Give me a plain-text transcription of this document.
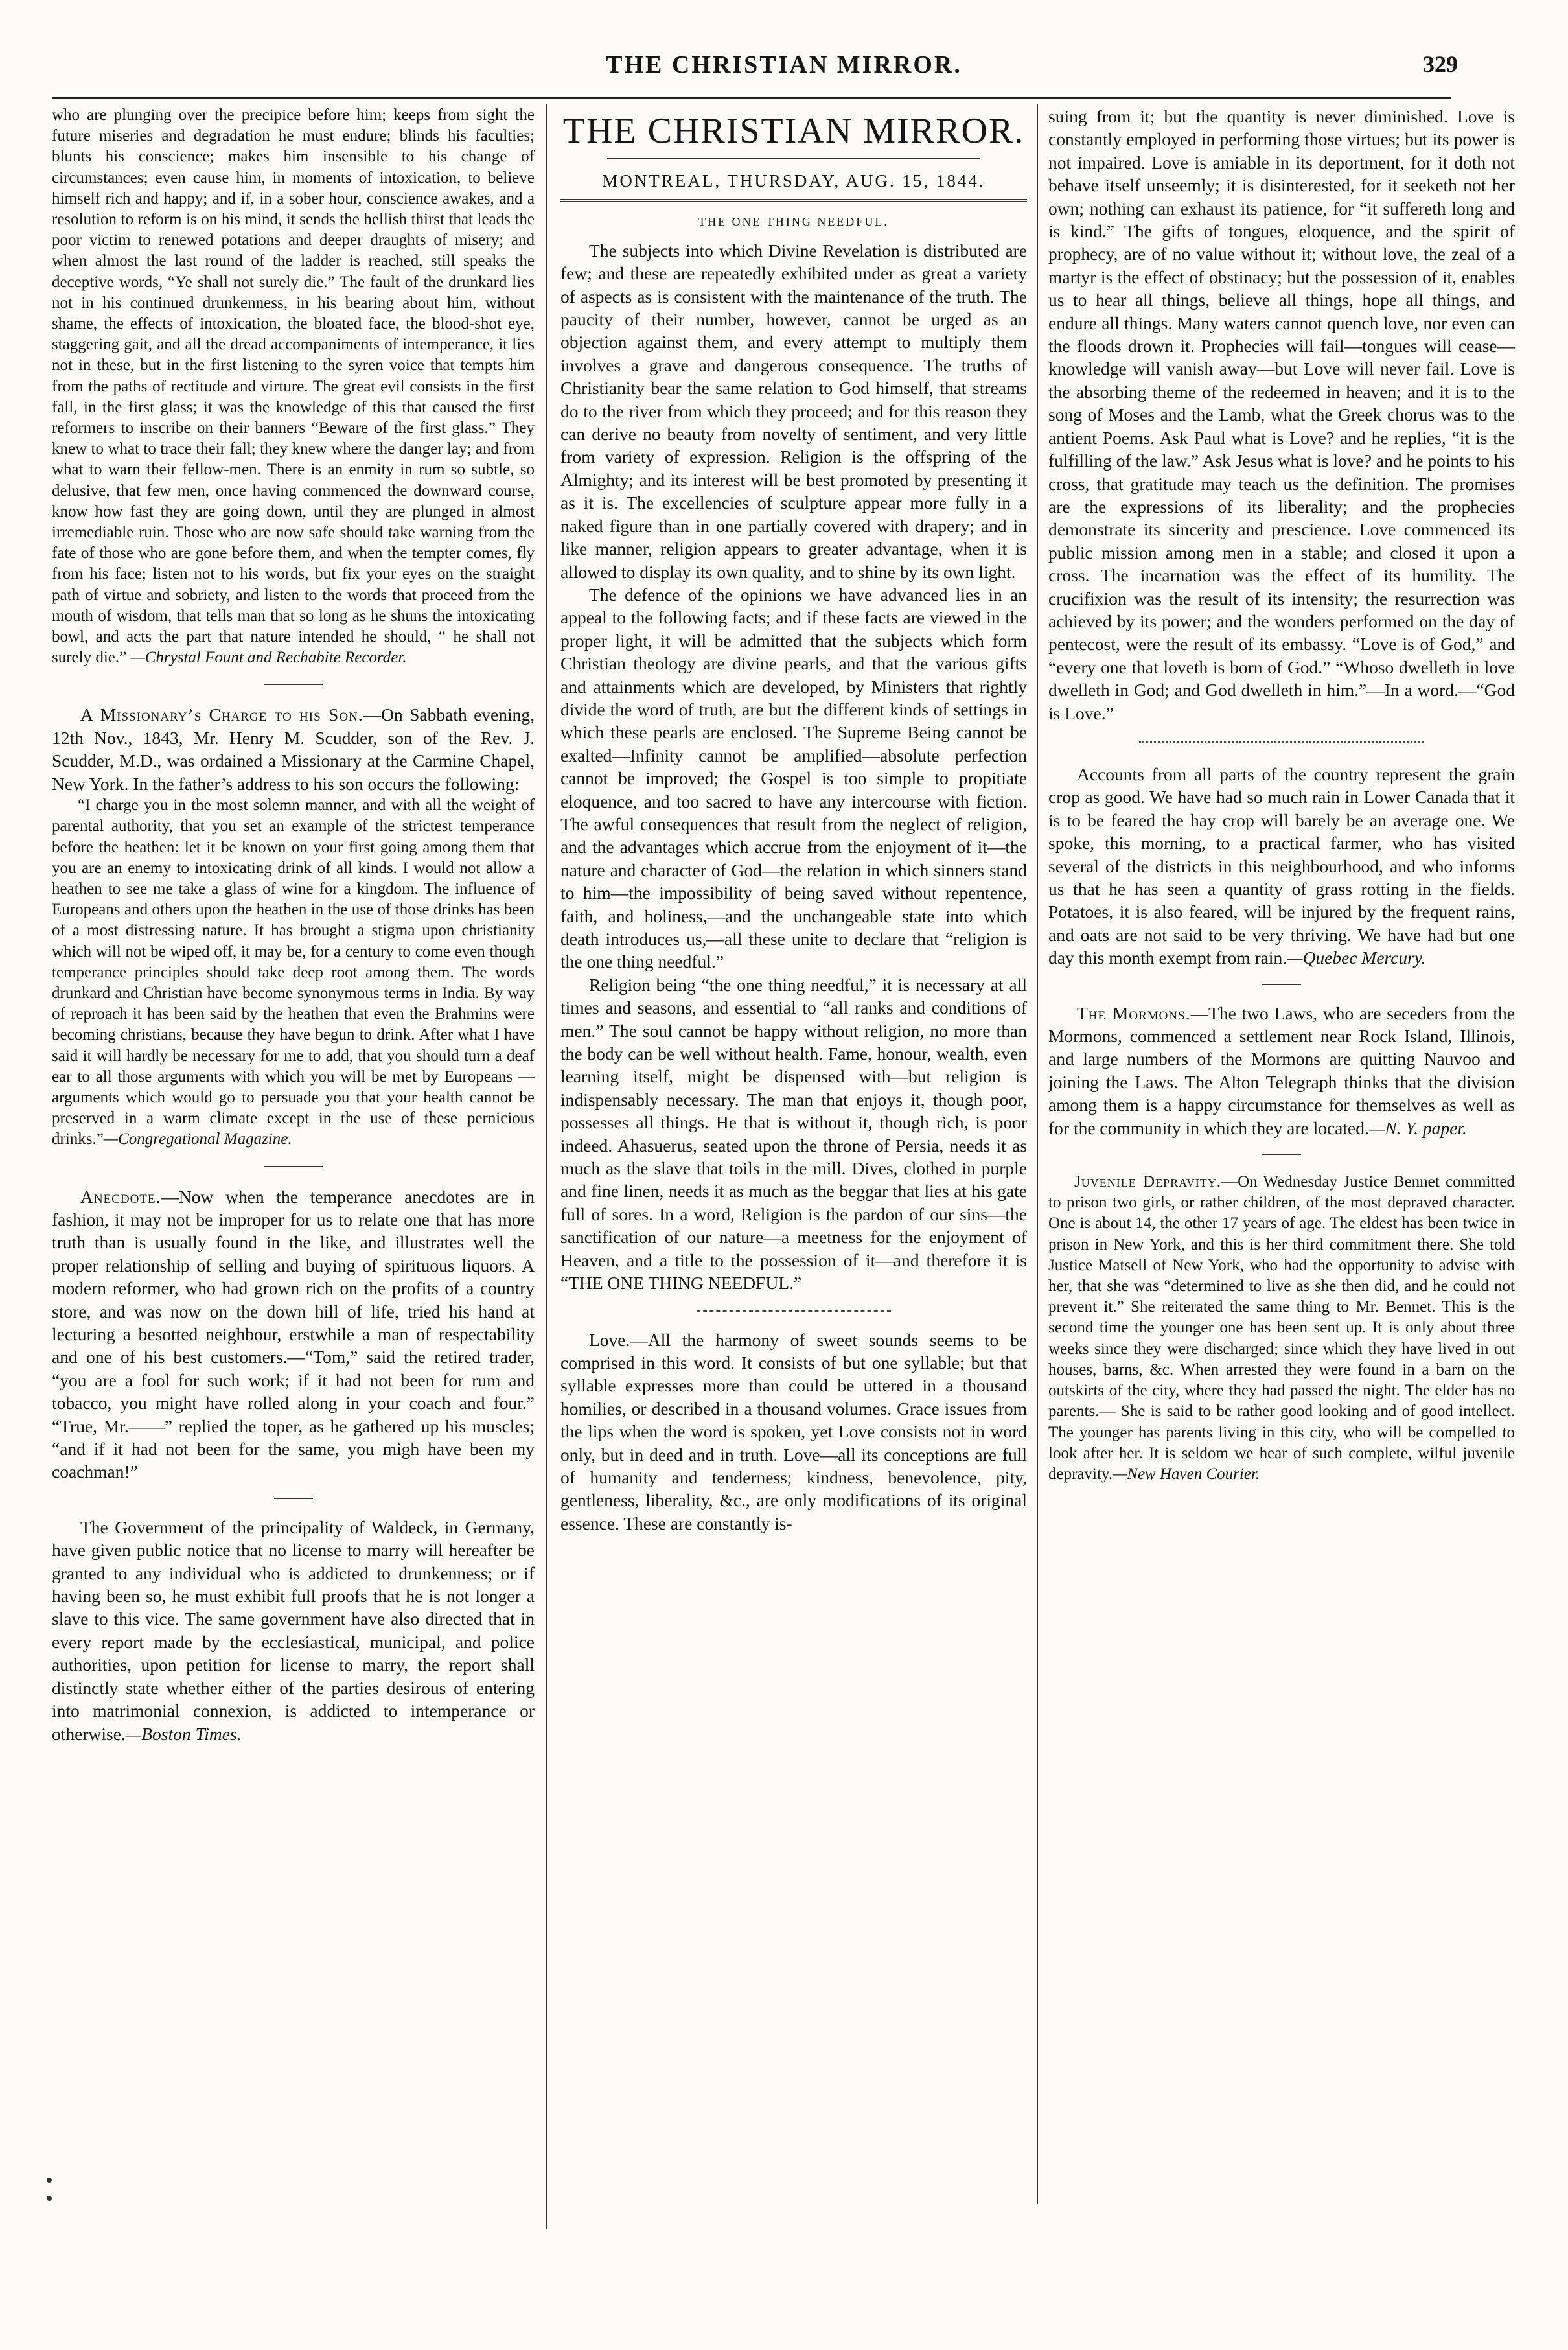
THE CHRISTIAN MIRROR.	329

who are plunging over the precipice before him; keeps from sight the future miseries and degradation he must endure; blinds his faculties; blunts his conscience; makes him insensible to his change of circumstances; even cause him, in moments of intoxication, to believe himself rich and happy; and if, in a sober hour, conscience awakes, and a resolution to reform is on his mind, it sends the hellish thirst that leads the poor victim to renewed potations and deeper draughts of misery; and when almost the last round of the ladder is reached, still speaks the deceptive words, “Ye shall not surely die.” The fault of the drunkard lies not in his continued drunkenness, in his bearing about him, without shame, the effects of intoxication, the bloated face, the blood-shot eye, staggering gait, and all the dread accompaniments of intemperance, it lies not in these, but in the first listening to the syren voice that tempts him from the paths of rectitude and virture. The great evil consists in the first fall, in the first glass; it was the knowledge of this that caused the first reformers to inscribe on their banners “Beware of the first glass.” They knew to what to trace their fall; they knew where the danger lay; and from what to warn their fellow-men. There is an enmity in rum so subtle, so delusive, that few men, once having commenced the downward course, know how fast they are going down, until they are plunged in almost irremediable ruin. Those who are now safe should take warning from the fate of those who are gone before them, and when the tempter comes, fly from his face; listen not to his words, but fix your eyes on the straight path of virtue and sobriety, and listen to the words that proceed from the mouth of wisdom, that tells man that so long as he shuns the intoxicating bowl, and acts the part that nature intended he should, “ he shall not surely die.” —Chrystal Fount and Rechabite Recorder.

A Missionary’s Charge to his Son.—On Sabbath evening, 12th Nov., 1843, Mr. Henry M. Scudder, son of the Rev. J. Scudder, M.D., was ordained a Missionary at the Carmine Chapel, New York. In the father’s address to his son occurs the following:

“I charge you in the most solemn manner, and with all the weight of parental authority, that you set an example of the strictest temperance before the heathen: let it be known on your first going among them that you are an enemy to intoxicating drink of all kinds. I would not allow a heathen to see me take a glass of wine for a kingdom. The influence of Europeans and others upon the heathen in the use of those drinks has been of a most distressing nature. It has brought a stigma upon christianity which will not be wiped off, it may be, for a century to come even though temperance principles should take deep root among them. The words drunkard and Christian have become synonymous terms in India. By way of reproach it has been said by the heathen that even the Brahmins were becoming christians, because they have begun to drink. After what I have said it will hardly be necessary for me to add, that you should turn a deaf ear to all those arguments with which you will be met by Europeans —arguments which would go to persuade you that your health cannot be preserved in a warm climate except in the use of these pernicious drinks.”—Congregational Magazine.

Anecdote.—Now when the temperance anecdotes are in fashion, it may not be improper for us to relate one that has more truth than is usually found in the like, and illustrates well the proper relationship of selling and buying of spirituous liquors. A modern reformer, who had grown rich on the profits of a country store, and was now on the down hill of life, tried his hand at lecturing a besotted neighbour, erstwhile a man of respectability and one of his best customers.—“Tom,” said the retired trader, “you are a fool for such work; if it had not been for rum and tobacco, you might have rolled along in your coach and four.” “True, Mr.——” replied the toper, as he gathered up his muscles; “and if it had not been for the same, you migh have been my coachman!”

The Government of the principality of Waldeck, in Germany, have given public notice that no license to marry will hereafter be granted to any individual who is addicted to drunkenness; or if having been so, he must exhibit full proofs that he is not longer a slave to this vice. The same government have also directed that in every report made by the ecclesiastical, municipal, and police authorities, upon petition for license to marry, the report shall distinctly state whether either of the parties desirous of entering into matrimonial connexion, is addicted to intemperance or otherwise.—Boston Times.

THE CHRISTIAN MIRROR.
MONTREAL, THURSDAY, AUG. 15, 1844.
THE ONE THING NEEDFUL.

The subjects into which Divine Revelation is distributed are few; and these are repeatedly exhibited under as great a variety of aspects as is consistent with the maintenance of the truth. The paucity of their number, however, cannot be urged as an objection against them, and every attempt to multiply them involves a grave and dangerous consequence. The truths of Christianity bear the same relation to God himself, that streams do to the river from which they proceed; and for this reason they can derive no beauty from novelty of sentiment, and very little from variety of expression. Religion is the offspring of the Almighty; and its interest will be best promoted by presenting it as it is. The excellencies of sculpture appear more fully in a naked figure than in one partially covered with drapery; and in like manner, religion appears to greater advantage, when it is allowed to display its own quality, and to shine by its own light.

The defence of the opinions we have advanced lies in an appeal to the following facts; and if these facts are viewed in the proper light, it will be admitted that the subjects which form Christian theology are divine pearls, and that the various gifts and attainments which are developed, by Ministers that rightly divide the word of truth, are but the different kinds of settings in which these pearls are enclosed. The Supreme Being cannot be exalted—Infinity cannot be amplified—absolute perfection cannot be improved; the Gospel is too simple to propitiate eloquence, and too sacred to have any intercourse with fiction. The awful consequences that result from the neglect of religion, and the advantages which accrue from the enjoyment of it—the nature and character of God—the relation in which sinners stand to him—the impossibility of being saved without repentence, faith, and holiness,—and the unchangeable state into which death introduces us,—all these unite to declare that “religion is the one thing needful.”

Religion being “the one thing needful,” it is necessary at all times and seasons, and essential to “all ranks and conditions of men.” The soul cannot be happy without religion, no more than the body can be well without health. Fame, honour, wealth, even learning itself, might be dispensed with—but religion is indispensably necessary. The man that enjoys it, though poor, possesses all things. He that is without it, though rich, is poor indeed. Ahasuerus, seated upon the throne of Persia, needs it as much as the slave that toils in the mill. Dives, clothed in purple and fine linen, needs it as much as the beggar that lies at his gate full of sores. In a word, Religion is the pardon of our sins—the sanctification of our nature—a meetness for the enjoyment of Heaven, and a title to the possession of it—and therefore it is “THE ONE THING NEEDFUL.”

Love.—All the harmony of sweet sounds seems to be comprised in this word. It consists of but one syllable; but that syllable expresses more than could be uttered in a thousand homilies, or described in a thousand volumes. Grace issues from the lips when the word is spoken, yet Love consists not in word only, but in deed and in truth. Love—all its conceptions are full of humanity and tenderness; kindness, benevolence, pity, gentleness, liberality, &c., are only modifications of its original essence. These are constantly is-

suing from it; but the quantity is never diminished. Love is constantly employed in performing those virtues; but its power is not impaired. Love is amiable in its deportment, for it doth not behave itself unseemly; it is disinterested, for it seeketh not her own; nothing can exhaust its patience, for “it suffereth long and is kind.” The gifts of tongues, eloquence, and the spirit of prophecy, are of no value without it; without love, the zeal of a martyr is the effect of obstinacy; but the possession of it, enables us to hear all things, believe all things, hope all things, and endure all things. Many waters cannot quench love, nor even can the floods drown it. Prophecies will fail—tongues will cease—knowledge will vanish away—but Love will never fail. Love is the absorbing theme of the redeemed in heaven; and it is to the song of Moses and the Lamb, what the Greek chorus was to the antient Poems. Ask Paul what is Love? and he replies, “it is the fulfilling of the law.” Ask Jesus what is love? and he points to his cross, that gratitude may teach us the definition. The promises are the expressions of its liberality; and the prophecies demonstrate its sincerity and prescience. Love commenced its public mission among men in a stable; and closed it upon a cross. The incarnation was the effect of its humility. The crucifixion was the result of its intensity; the resurrection was achieved by its power; and the wonders performed on the day of pentecost, were the result of its embassy. “Love is of God,” and “every one that loveth is born of God.” “Whoso dwelleth in love dwelleth in God; and God dwelleth in him.”—In a word.—“God is Love.”

Accounts from all parts of the country represent the grain crop as good. We have had so much rain in Lower Canada that it is to be feared the hay crop will barely be an average one. We spoke, this morning, to a practical farmer, who has visited several of the districts in this neighbourhood, and who informs us that he has seen a quantity of grass rotting in the fields. Potatoes, it is also feared, will be injured by the frequent rains, and oats are not said to be very thriving. We have had but one day this month exempt from rain.—Quebec Mercury.

The Mormons.—The two Laws, who are seceders from the Mormons, commenced a settlement near Rock Island, Illinois, and large numbers of the Mormons are quitting Nauvoo and joining the Laws. The Alton Telegraph thinks that the division among them is a happy circumstance for themselves as well as for the community in which they are located.—N. Y. paper.

Juvenile Depravity.—On Wednesday Justice Bennet committed to prison two girls, or rather children, of the most depraved character. One is about 14, the other 17 years of age. The eldest has been twice in prison in New York, and this is her third commitment there. She told Justice Matsell of New York, who had the opportunity to advise with her, that she was “determined to live as she then did, and he could not prevent it.” She reiterated the same thing to Mr. Bennet. This is the second time the younger one has been sent up. It is only about three weeks since they were discharged; since which they have lived in out houses, barns, &c. When arrested they were found in a barn on the outskirts of the city, where they had passed the night. The elder has no parents.— She is said to be rather good looking and of good intellect. The younger has parents living in this city, who will be compelled to look after her. It is seldom we hear of such complete, wilful juvenile depravity.—New Haven Courier.
